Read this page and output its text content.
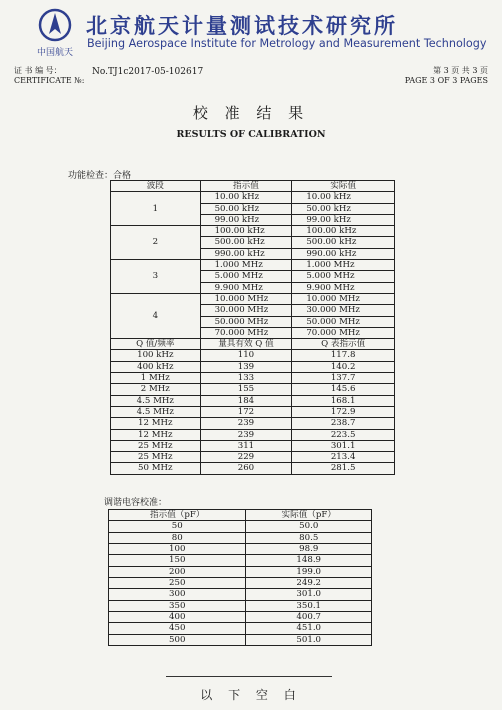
中国航天
北京航天计量测试技术研究所
Beijing Aerospace Institute for Metrology and Measurement Technology
证 书 编 号：
CERTIFICATE №:
No.TJ1c2017-05-102617	第 3 页 共 3 页
PAGE 3 OF 3 PAGES
校 准 结 果
RESULTS OF CALIBRATION
功能检查：合格
波段	指示值	实际值
1	10.00 kHz	10.00 kHz
	50.00 kHz	50.00 kHz
	99.00 kHz	99.00 kHz
2	100.00 kHz	100.00 kHz
	500.00 kHz	500.00 kHz
	990.00 kHz	990.00 kHz
3	1.000 MHz	1.000 MHz
	5.000 MHz	5.000 MHz
	9.900 MHz	9.900 MHz
4	10.000 MHz	10.000 MHz
	30.000 MHz	30.000 MHz
	50.000 MHz	50.000 MHz
	70.000 MHz	70.000 MHz
Q 值/频率	量具有效 Q 值	Q 表指示值
100 kHz	110	117.8
400 kHz	139	140.2
1 MHz	133	137.7
2 MHz	155	145.6
4.5 MHz	184	168.1
4.5 MHz	172	172.9
12 MHz	239	238.7
12 MHz	239	223.5
25 MHz	311	301.1
25 MHz	229	213.4
50 MHz	260	281.5
调谐电容校准：
指示值（pF）	实际值（pF）
50	50.0
80	80.5
100	98.9
150	148.9
200	199.0
250	249.2
300	301.0
350	350.1
400	400.7
450	451.0
500	501.0
以 下 空 白
